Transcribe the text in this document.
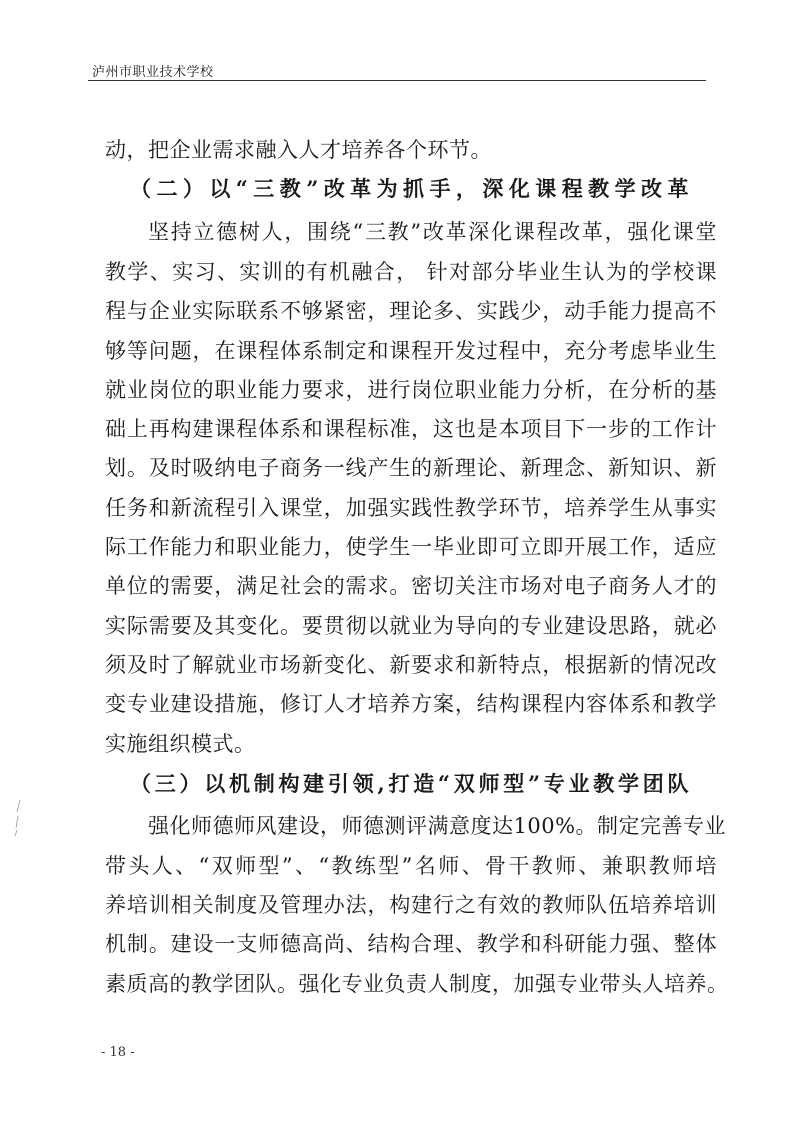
泸州市职业技术学校
动，把企业需求融入人才培养各个环节。
（二）以“三教”改革为抓手，深化课程教学改革
坚持立德树人，围绕“三教”改革深化课程改革，强化课堂
教学、实习、实训的有机融合， 针对部分毕业生认为的学校课
程与企业实际联系不够紧密，理论多、实践少，动手能力提高不
够等问题，在课程体系制定和课程开发过程中，充分考虑毕业生
就业岗位的职业能力要求，进行岗位职业能力分析，在分析的基
础上再构建课程体系和课程标准，这也是本项目下一步的工作计
划。及时吸纳电子商务一线产生的新理论、新理念、新知识、新
任务和新流程引入课堂，加强实践性教学环节，培养学生从事实
际工作能力和职业能力，使学生一毕业即可立即开展工作，适应
单位的需要，满足社会的需求。密切关注市场对电子商务人才的
实际需要及其变化。要贯彻以就业为导向的专业建设思路，就必
须及时了解就业市场新变化、新要求和新特点，根据新的情况改
变专业建设措施，修订人才培养方案，结构课程内容体系和教学
实施组织模式。
（三）以机制构建引领,打造“双师型”专业教学团队
强化师德师风建设，师德测评满意度达100%。制定完善专业
带头人、“双师型”、“教练型”名师、骨干教师、兼职教师培
养培训相关制度及管理办法，构建行之有效的教师队伍培养培训
机制。建设一支师德高尚、结构合理、教学和科研能力强、整体
素质高的教学团队。强化专业负责人制度，加强专业带头人培养。
- 18 -
